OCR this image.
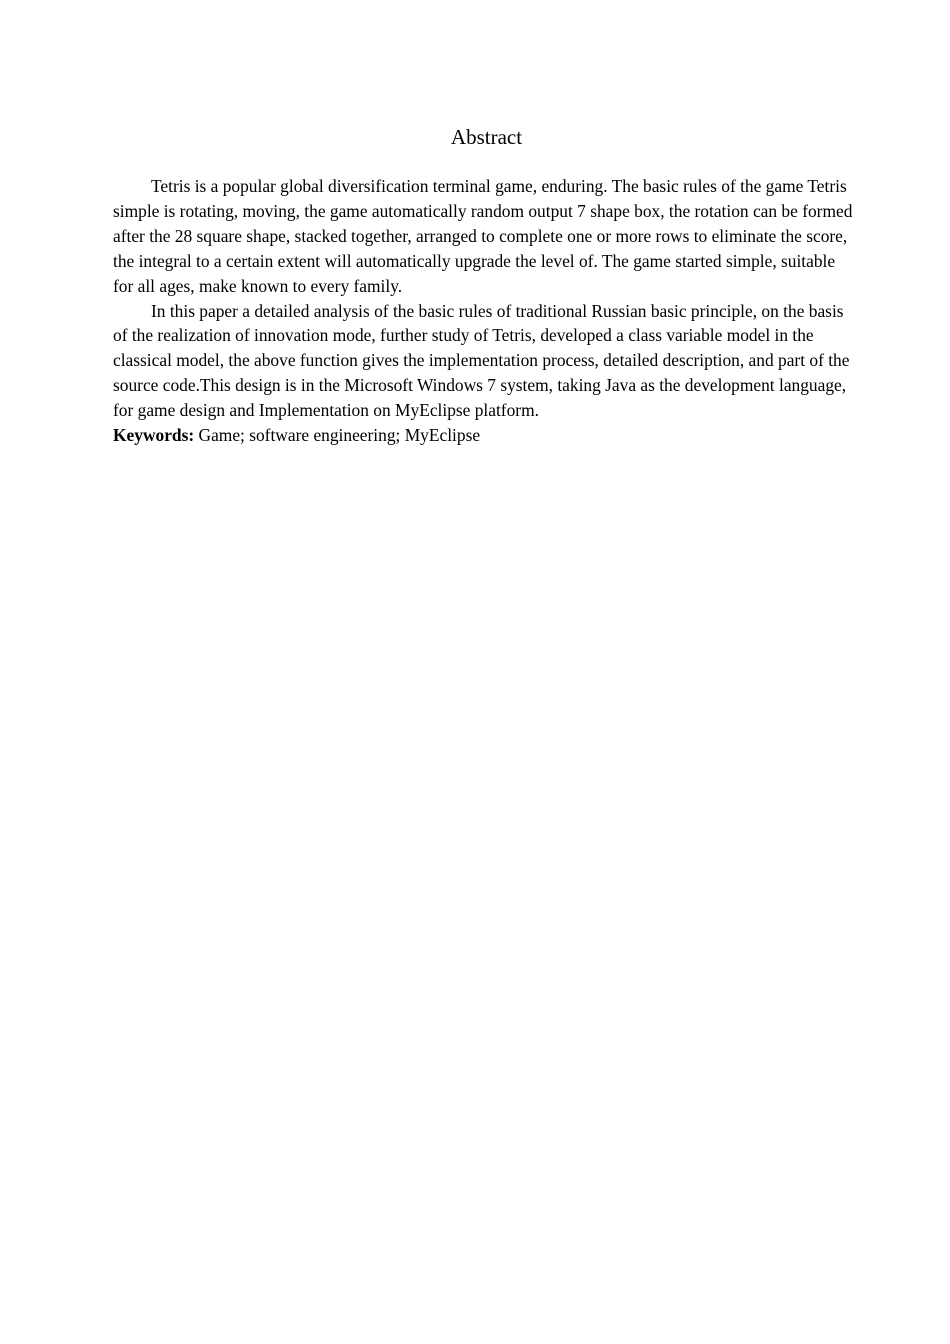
Abstract

Tetris is a popular global diversification terminal game, enduring. The basic rules of the game Tetris simple is rotating, moving, the game automatically random output 7 shape box, the rotation can be formed after the 28 square shape, stacked together, arranged to complete one or more rows to eliminate the score, the integral to a certain extent will automatically upgrade the level of. The game started simple, suitable for all ages, make known to every family.

In this paper a detailed analysis of the basic rules of traditional Russian basic principle, on the basis of the realization of innovation mode, further study of Tetris, developed a class variable model in the classical model, the above function gives the implementation process, detailed description, and part of the source code.This design is in the Microsoft Windows 7 system, taking Java as the development language, for game design and Implementation on MyEclipse platform.

Keywords: Game; software engineering; MyEclipse
